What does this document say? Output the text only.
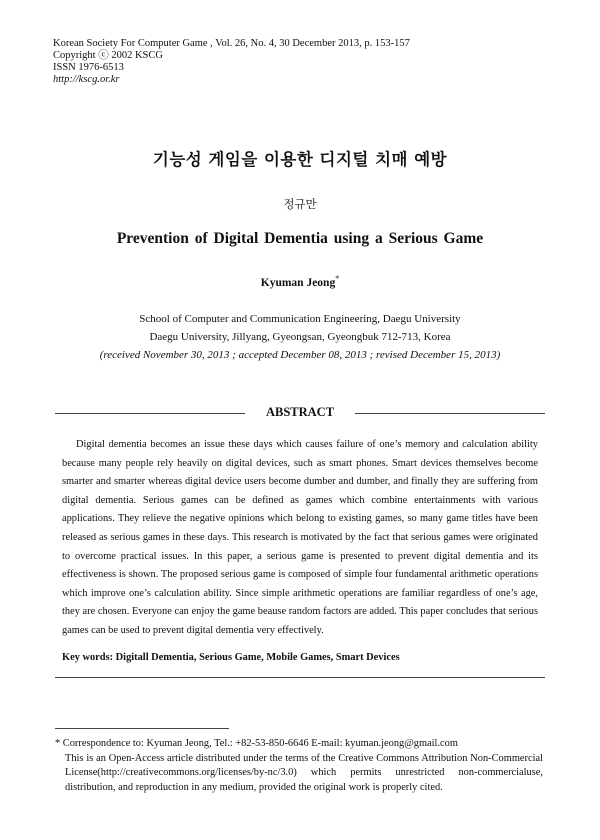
Korean Society For Computer Game , Vol. 26, No. 4, 30 December 2013, p. 153-157
Copyright ⓒ 2002 KSCG
ISSN 1976-6513
http://kscg.or.kr
기능성 게임을 이용한 디지털 치매 예방
정규만
Prevention of Digital Dementia using a Serious Game
Kyuman Jeong*
School of Computer and Communication Engineering, Daegu University
Daegu University, Jillyang, Gyeongsan, Gyeongbuk 712-713, Korea
(received November 30, 2013 ; accepted December 08, 2013 ; revised December 15, 2013)
ABSTRACT

Digital dementia becomes an issue these days which causes failure of one’s memory and calculation ability because many people rely heavily on digital devices, such as smart phones. Smart devices themselves become smarter and smarter whereas digital device users become dumber and dumber, and finally they are suffering from digital dementia. Serious games can be defined as games which combine entertainments with various applications. They relieve the negative opinions which belong to existing games, so many game titles have been released as serious games in these days. This research is motivated by the fact that serious games were originated to overcome practical issues. In this paper, a serious game is presented to prevent digital dementia and its effectiveness is shown. The proposed serious game is composed of simple four fundamental arithmetic operations which improve one’s calculation ability. Since simple arithmetic operations are familiar regardless of one’s age, they are chosen. Everyone can enjoy the game beause random factors are added. This paper concludes that serious games can be used to prevent digital dementia very effectively.

Key words: Digitall Dementia, Serious Game, Mobile Games, Smart Devices
* Correspondence to: Kyuman Jeong, Tel.: +82-53-850-6646 E-mail: kyuman.jeong@gmail.com
This is an Open-Access article distributed under the terms of the Creative Commons Attribution Non-Commercial License(http://creativecommons.org/licenses/by-nc/3.0) which permits unrestricted non-commercialuse, distribution, and reproduction in any medium, provided the original work is properly cited.
